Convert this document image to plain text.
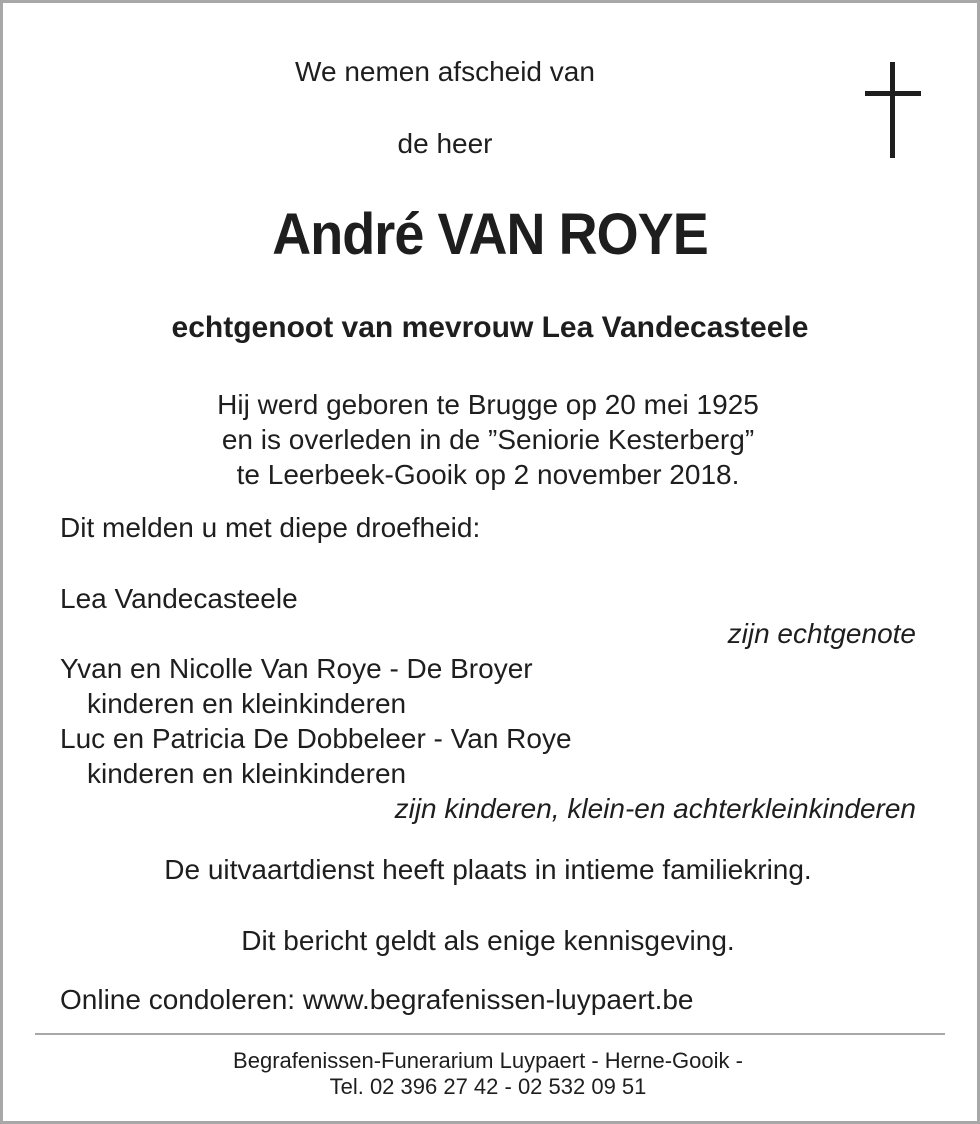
We nemen afscheid van
de heer
André VAN ROYE
echtgenoot van mevrouw Lea Vandecasteele
Hij werd geboren te Brugge op 20 mei 1925
en is overleden in de ”Seniorie Kesterberg”
te Leerbeek-Gooik op 2 november 2018.
Dit melden u met diepe droefheid:
Lea Vandecasteele
zijn echtgenote
Yvan en Nicolle Van Roye - De Broyer
kinderen en kleinkinderen
Luc en Patricia De Dobbeleer - Van Roye
kinderen en kleinkinderen
zijn kinderen, klein-en achterkleinkinderen
De uitvaartdienst heeft plaats in intieme familiekring.
Dit bericht geldt als enige kennisgeving.
Online condoleren: www.begrafenissen-luypaert.be
Begrafenissen-Funerarium Luypaert - Herne-Gooik -
Tel. 02 396 27 42 - 02 532 09 51
